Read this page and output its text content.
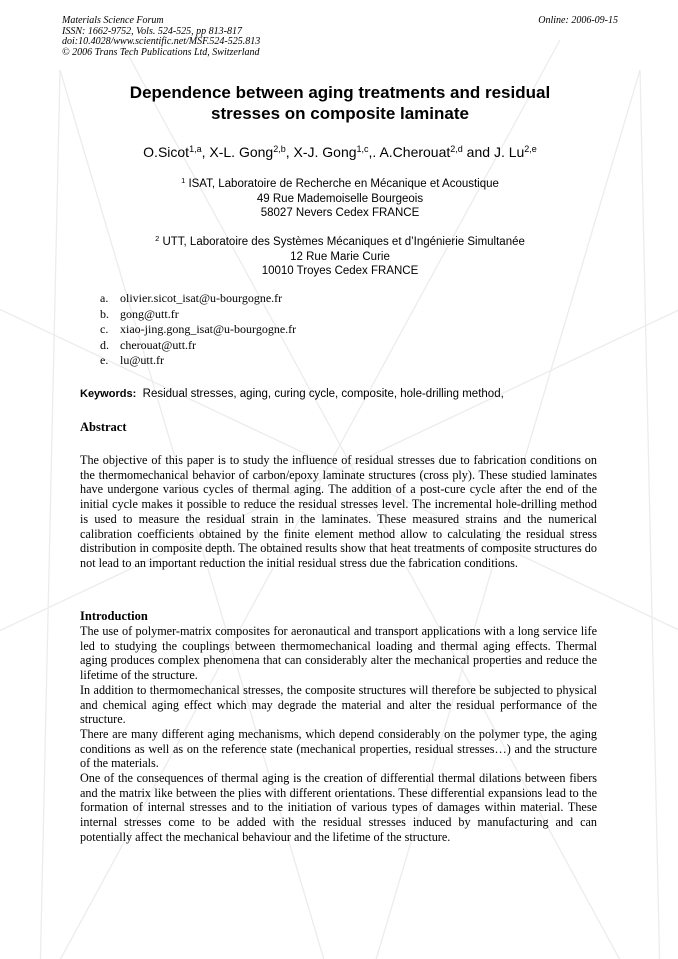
Materials Science Forum
ISSN: 1662-9752, Vols. 524-525, pp 813-817
doi:10.4028/www.scientific.net/MSF.524-525.813
© 2006 Trans Tech Publications Ltd, Switzerland
Online: 2006-09-15
Dependence between aging treatments and residual
stresses on composite laminate
O.Sicot$^{1,a}$, X-L. Gong$^{2,b}$, X-J. Gong$^{1,c}$,. A.Cherouat$^{2,d}$ and J. Lu$^{2,e}$
$^1$ ISAT, Laboratoire de Recherche en Mécanique et Acoustique
49 Rue Mademoiselle Bourgeois
58027 Nevers Cedex FRANCE
$^2$ UTT, Laboratoire des Systèmes Mécaniques et d’Ingénierie Simultanée
12 Rue Marie Curie
10010 Troyes Cedex FRANCE
a. olivier.sicot_isat@u-bourgogne.fr
b. gong@utt.fr
c. xiao-jing.gong_isat@u-bourgogne.fr
d. cherouat@utt.fr
e. lu@utt.fr
Keywords: Residual stresses, aging, curing cycle, composite, hole-drilling method,
Abstract

The objective of this paper is to study the influence of residual stresses due to fabrication conditions on the thermomechanical behavior of carbon/epoxy laminate structures (cross ply). These studied laminates have undergone various cycles of thermal aging. The addition of a post-cure cycle after the end of the initial cycle makes it possible to reduce the residual stresses level. The incremental hole-drilling method is used to measure the residual strain in the laminates. These measured strains and the numerical calibration coefficients obtained by the finite element method allow to calculating the residual stress distribution in composite depth. The obtained results show that heat treatments of composite structures do not lead to an important reduction the initial residual stress due the fabrication conditions.

Introduction

The use of polymer-matrix composites for aeronautical and transport applications with a long service life led to studying the couplings between thermomechanical loading and thermal aging effects. Thermal aging produces complex phenomena that can considerably alter the mechanical properties and reduce the lifetime of the structure.

In addition to thermomechanical stresses, the composite structures will therefore be subjected to physical and chemical aging effect which may degrade the material and alter the residual performance of the structure.

There are many different aging mechanisms, which depend considerably on the polymer type, the aging conditions as well as on the reference state (mechanical properties, residual stresses…) and the structure of the materials.

One of the consequences of thermal aging is the creation of differential thermal dilations between fibers and the matrix like between the plies with different orientations. These differential expansions lead to the formation of internal stresses and to the initiation of various types of damages within material. These internal stresses come to be added with the residual stresses induced by manufacturing and can potentially affect the mechanical behaviour and the lifetime of the structure.
